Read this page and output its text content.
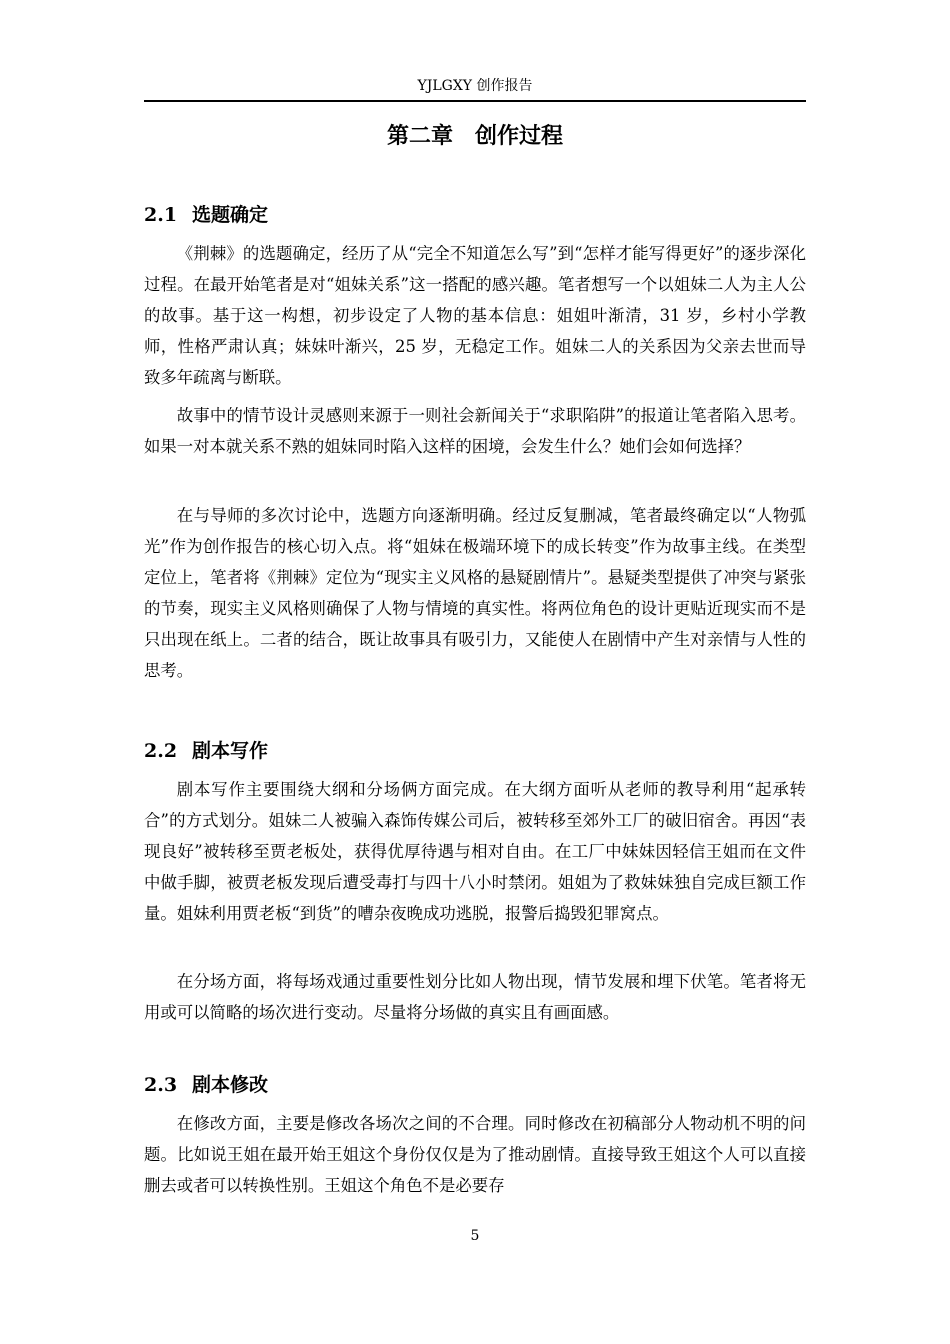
YJLGXY 创作报告
第二章　创作过程
2.1 选题确定

《荆棘》的选题确定，经历了从“完全不知道怎么写”到“怎样才能写得更好”的逐步深化过程。在最开始笔者是对“姐妹关系”这一搭配的感兴趣。笔者想写一个以姐妹二人为主人公的故事。基于这一构想，初步设定了人物的基本信息：姐姐叶渐清，31 岁，乡村小学教师，性格严肃认真；妹妹叶渐兴，25 岁，无稳定工作。姐妹二人的关系因为父亲去世而导致多年疏离与断联。

故事中的情节设计灵感则来源于一则社会新闻关于“求职陷阱”的报道让笔者陷入思考。如果一对本就关系不熟的姐妹同时陷入这样的困境，会发生什么？她们会如何选择？

在与导师的多次讨论中，选题方向逐渐明确。经过反复删减，笔者最终确定以“人物弧光”作为创作报告的核心切入点。将“姐妹在极端环境下的成长转变”作为故事主线。在类型定位上，笔者将《荆棘》定位为“现实主义风格的悬疑剧情片”。悬疑类型提供了冲突与紧张的节奏，现实主义风格则确保了人物与情境的真实性。将两位角色的设计更贴近现实而不是只出现在纸上。二者的结合，既让故事具有吸引力，又能使人在剧情中产生对亲情与人性的思考。

2.2 剧本写作

剧本写作主要围绕大纲和分场俩方面完成。在大纲方面听从老师的教导利用“起承转合”的方式划分。姐妹二人被骗入森饰传媒公司后，被转移至郊外工厂的破旧宿舍。再因“表现良好”被转移至贾老板处，获得优厚待遇与相对自由。在工厂中妹妹因轻信王姐而在文件中做手脚，被贾老板发现后遭受毒打与四十八小时禁闭。姐姐为了救妹妹独自完成巨额工作量。姐妹利用贾老板“到货”的嘈杂夜晚成功逃脱，报警后捣毁犯罪窝点。

在分场方面，将每场戏通过重要性划分比如人物出现，情节发展和埋下伏笔。笔者将无用或可以简略的场次进行变动。尽量将分场做的真实且有画面感。

2.3 剧本修改

在修改方面，主要是修改各场次之间的不合理。同时修改在初稿部分人物动机不明的问题。比如说王姐在最开始王姐这个身份仅仅是为了推动剧情。直接导致王姐这个人可以直接删去或者可以转换性别。王姐这个角色不是必要存

5
